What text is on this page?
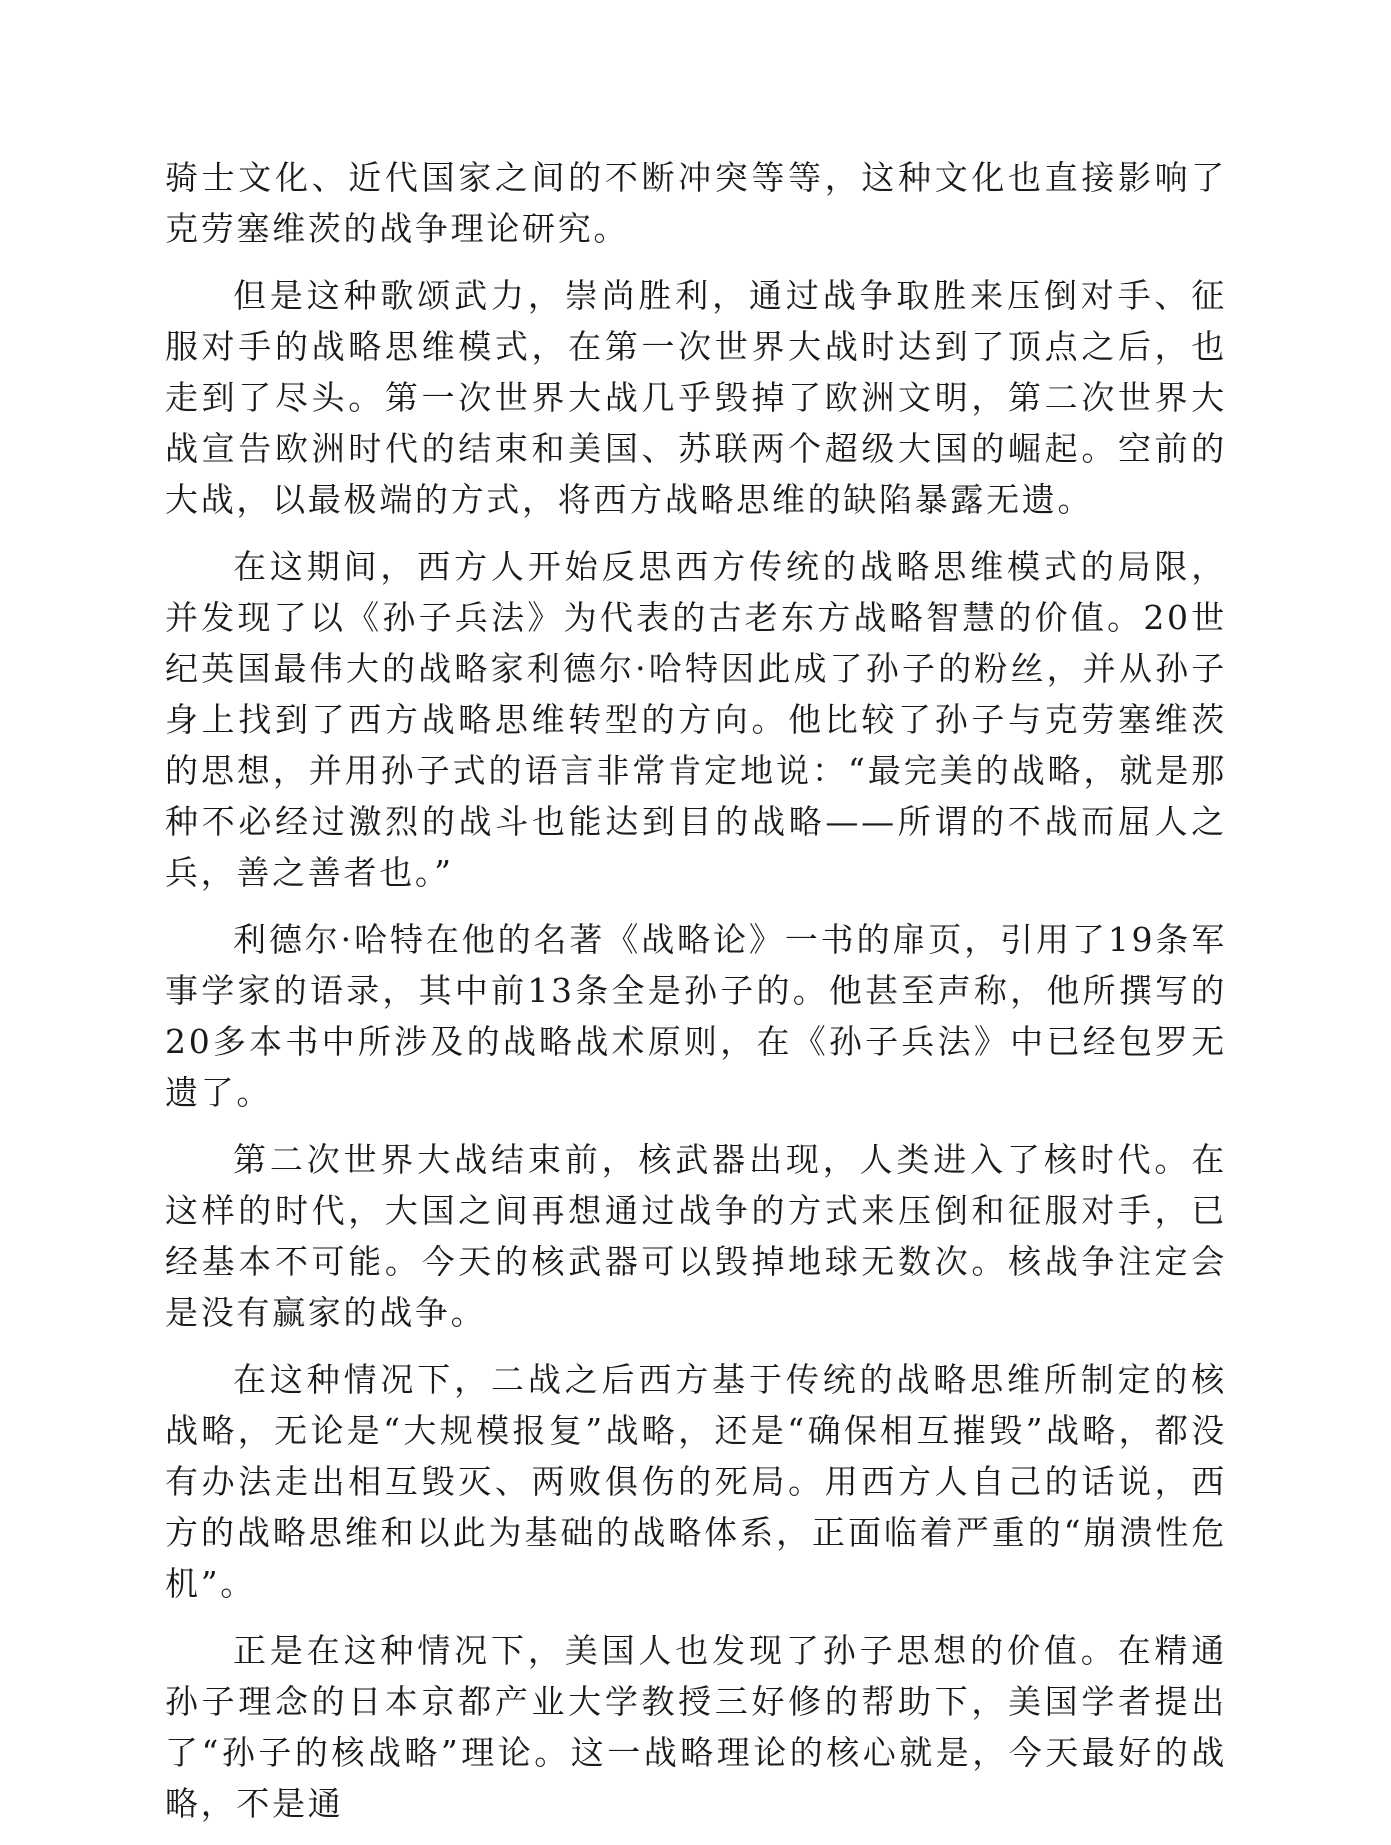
骑士文化、近代国家之间的不断冲突等等，这种文化也直接影响了克劳塞维茨的战争理论研究。

但是这种歌颂武力，崇尚胜利，通过战争取胜来压倒对手、征服对手的战略思维模式，在第一次世界大战时达到了顶点之后，也走到了尽头。第一次世界大战几乎毁掉了欧洲文明，第二次世界大战宣告欧洲时代的结束和美国、苏联两个超级大国的崛起。空前的大战，以最极端的方式，将西方战略思维的缺陷暴露无遗。

在这期间，西方人开始反思西方传统的战略思维模式的局限，并发现了以《孙子兵法》为代表的古老东方战略智慧的价值。20世纪英国最伟大的战略家利德尔·哈特因此成了孙子的粉丝，并从孙子身上找到了西方战略思维转型的方向。他比较了孙子与克劳塞维茨的思想，并用孙子式的语言非常肯定地说：“最完美的战略，就是那种不必经过激烈的战斗也能达到目的战略——所谓的不战而屈人之兵，善之善者也。”

利德尔·哈特在他的名著《战略论》一书的扉页，引用了19条军事学家的语录，其中前13条全是孙子的。他甚至声称，他所撰写的20多本书中所涉及的战略战术原则，在《孙子兵法》中已经包罗无遗了。

第二次世界大战结束前，核武器出现，人类进入了核时代。在这样的时代，大国之间再想通过战争的方式来压倒和征服对手，已经基本不可能。今天的核武器可以毁掉地球无数次。核战争注定会是没有赢家的战争。

在这种情况下，二战之后西方基于传统的战略思维所制定的核战略，无论是“大规模报复”战略，还是“确保相互摧毁”战略，都没有办法走出相互毁灭、两败俱伤的死局。用西方人自己的话说，西方的战略思维和以此为基础的战略体系，正面临着严重的“崩溃性危机”。

正是在这种情况下，美国人也发现了孙子思想的价值。在精通孙子理念的日本京都产业大学教授三好修的帮助下，美国学者提出了“孙子的核战略”理论。这一战略理论的核心就是，今天最好的战略，不是通
